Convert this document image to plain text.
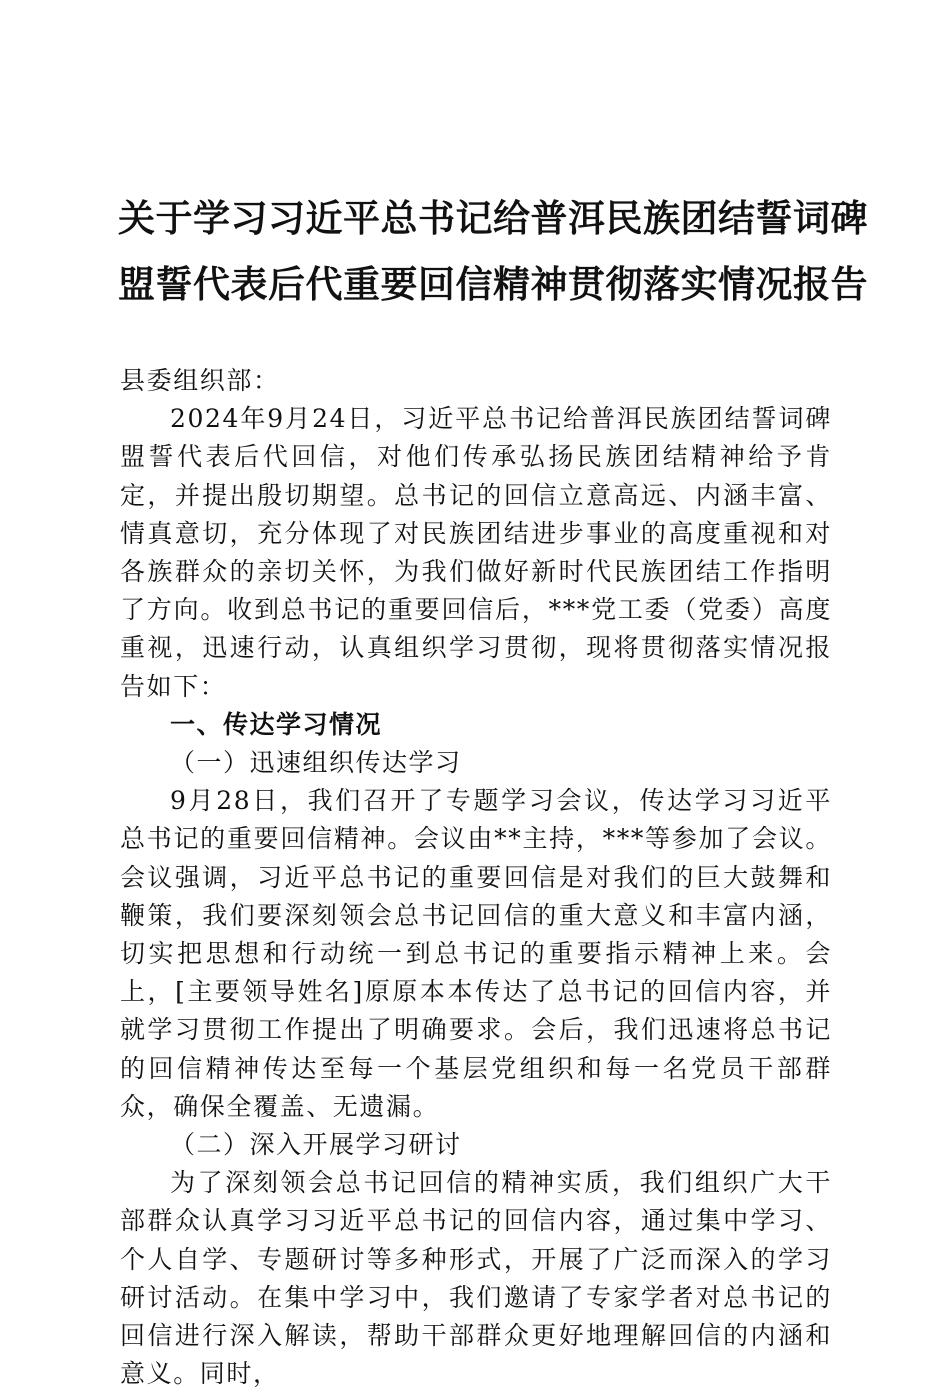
关于学习习近平总书记给普洱民族团结誓词碑
盟誓代表后代重要回信精神贯彻落实情况报告

县委组织部：

2024年9月24日，习近平总书记给普洱民族团结誓词碑盟誓代表后代回信，对他们传承弘扬民族团结精神给予肯定，并提出殷切期望。总书记的回信立意高远、内涵丰富、情真意切，充分体现了对民族团结进步事业的高度重视和对各族群众的亲切关怀，为我们做好新时代民族团结工作指明了方向。收到总书记的重要回信后，***党工委（党委）高度重视，迅速行动，认真组织学习贯彻，现将贯彻落实情况报告如下：

一、传达学习情况

（一）迅速组织传达学习

9月28日，我们召开了专题学习会议，传达学习习近平总书记的重要回信精神。会议由**主持，***等参加了会议。会议强调，习近平总书记的重要回信是对我们的巨大鼓舞和鞭策，我们要深刻领会总书记回信的重大意义和丰富内涵，切实把思想和行动统一到总书记的重要指示精神上来。会上，[主要领导姓名]原原本本传达了总书记的回信内容，并就学习贯彻工作提出了明确要求。会后，我们迅速将总书记的回信精神传达至每一个基层党组织和每一名党员干部群众，确保全覆盖、无遗漏。

（二）深入开展学习研讨

为了深刻领会总书记回信的精神实质，我们组织广大干部群众认真学习习近平总书记的回信内容，通过集中学习、个人自学、专题研讨等多种形式，开展了广泛而深入的学习研讨活动。在集中学习中，我们邀请了专家学者对总书记的回信进行深入解读，帮助干部群众更好地理解回信的内涵和意义。同时，
